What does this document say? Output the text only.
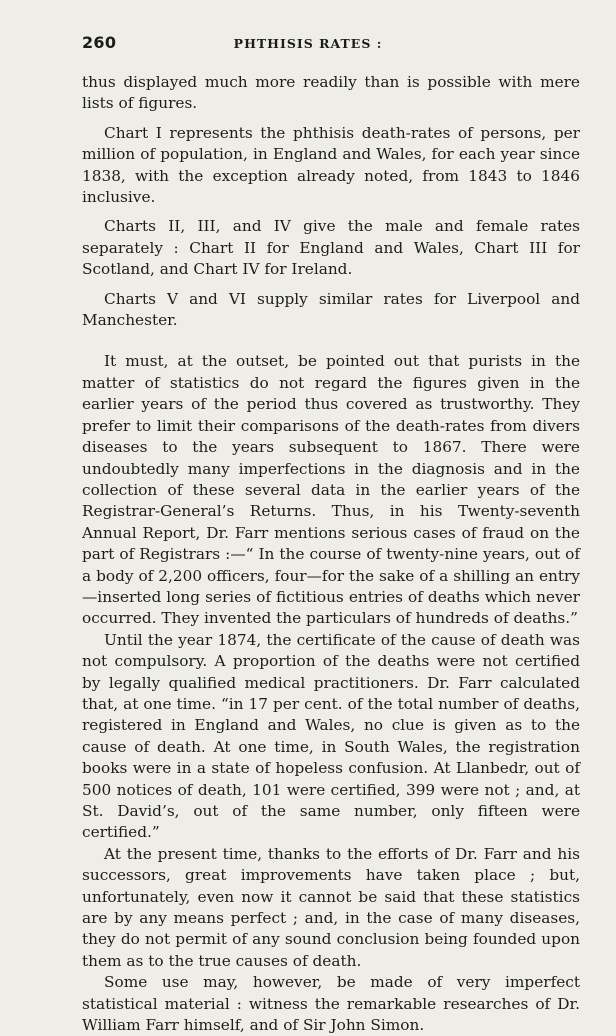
260	PHTHISIS RATES :

thus displayed much more readily than is possible with mere lists of figures.

Chart I represents the phthisis death-rates of persons, per million of population, in England and Wales, for each year since 1838, with the exception already noted, from 1843 to 1846 inclusive.

Charts II, III, and IV give the male and female rates separately : Chart II for England and Wales, Chart III for Scotland, and Chart IV for Ireland.

Charts V and VI supply similar rates for Liverpool and Manchester.

It must, at the outset, be pointed out that purists in the matter of statistics do not regard the figures given in the earlier years of the period thus covered as trustworthy. They prefer to limit their comparisons of the death-rates from divers diseases to the years subsequent to 1867. There were undoubtedly many imperfections in the diagnosis and in the collection of these several data in the earlier years of the Registrar-General’s Returns. Thus, in his Twenty-seventh Annual Report, Dr. Farr mentions serious cases of fraud on the part of Registrars :—“ In the course of twenty-nine years, out of a body of 2,200 officers, four—for the sake of a shilling an entry—inserted long series of fictitious entries of deaths which never occurred. They invented the particulars of hundreds of deaths.”

Until the year 1874, the certificate of the cause of death was not compulsory. A proportion of the deaths were not certified by legally qualified medical practitioners. Dr. Farr calculated that, at one time. “in 17 per cent. of the total number of deaths, registered in England and Wales, no clue is given as to the cause of death. At one time, in South Wales, the registration books were in a state of hopeless confusion. At Llanbedr, out of 500 notices of death, 101 were certified, 399 were not ; and, at St. David’s, out of the same number, only fifteen were certified.”

At the present time, thanks to the efforts of Dr. Farr and his successors, great improvements have taken place ; but, unfortunately, even now it cannot be said that these statistics are by any means perfect ; and, in the case of many diseases, they do not permit of any sound conclusion being founded upon them as to the true causes of death.

Some use may, however, be made of very imperfect statistical material : witness the remarkable researches of Dr. William Farr himself, and of Sir John Simon.
